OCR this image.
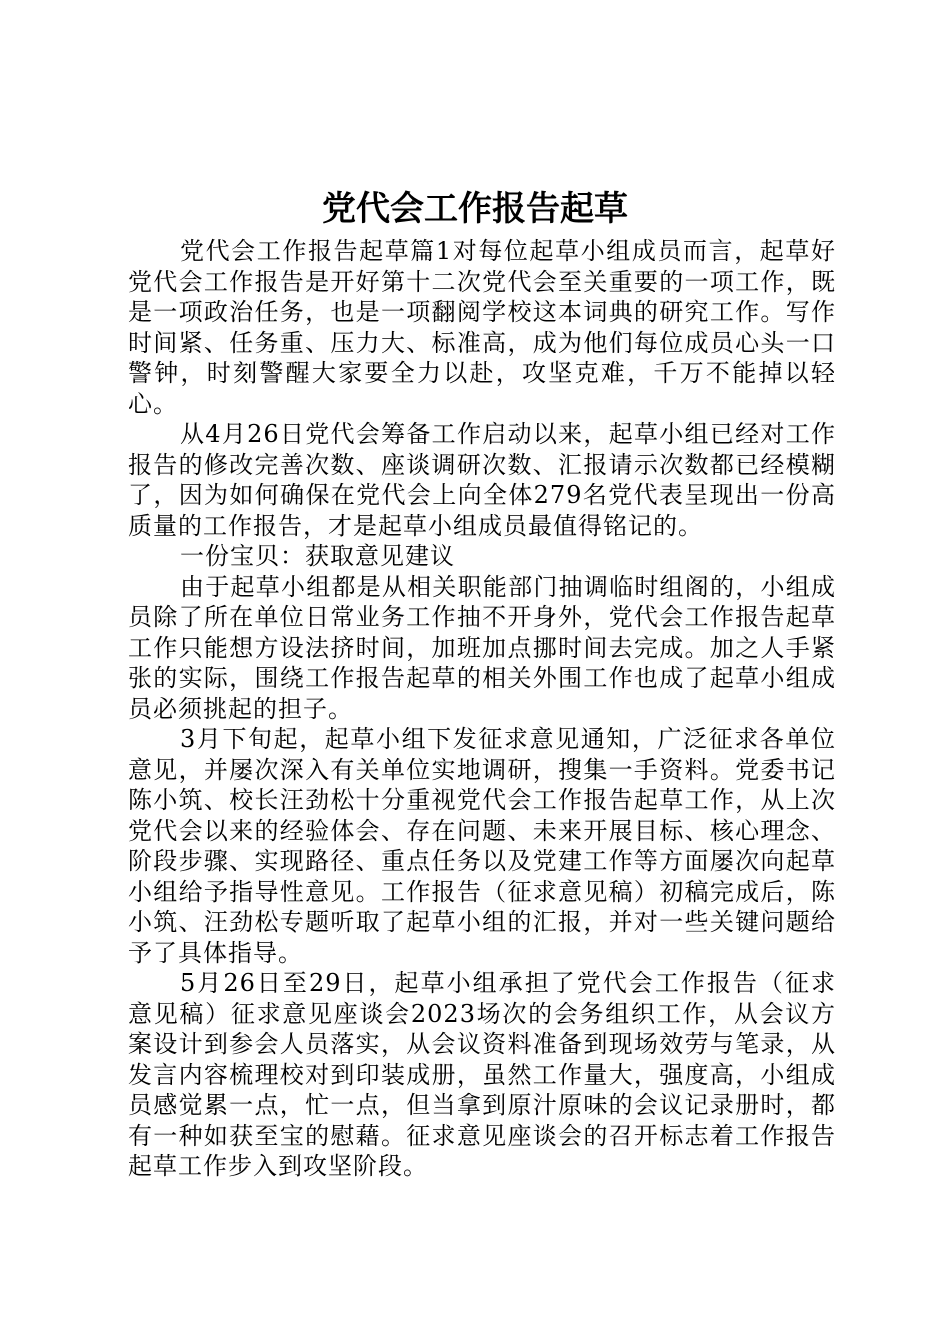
党代会工作报告起草

党代会工作报告起草篇1对每位起草小组成员而言，起草好党代会工作报告是开好第十二次党代会至关重要的一项工作，既是一项政治任务，也是一项翻阅学校这本词典的研究工作。写作时间紧、任务重、压力大、标准高，成为他们每位成员心头一口警钟，时刻警醒大家要全力以赴，攻坚克难，千万不能掉以轻心。

从4月26日党代会筹备工作启动以来，起草小组已经对工作报告的修改完善次数、座谈调研次数、汇报请示次数都已经模糊了，因为如何确保在党代会上向全体279名党代表呈现出一份高质量的工作报告，才是起草小组成员最值得铭记的。

一份宝贝：获取意见建议

由于起草小组都是从相关职能部门抽调临时组阁的，小组成员除了所在单位日常业务工作抽不开身外，党代会工作报告起草工作只能想方设法挤时间，加班加点挪时间去完成。加之人手紧张的实际，围绕工作报告起草的相关外围工作也成了起草小组成员必须挑起的担子。

3月下旬起，起草小组下发征求意见通知，广泛征求各单位意见，并屡次深入有关单位实地调研，搜集一手资料。党委书记陈小筑、校长汪劲松十分重视党代会工作报告起草工作，从上次党代会以来的经验体会、存在问题、未来开展目标、核心理念、阶段步骤、实现路径、重点任务以及党建工作等方面屡次向起草小组给予指导性意见。工作报告（征求意见稿）初稿完成后，陈小筑、汪劲松专题听取了起草小组的汇报，并对一些关键问题给予了具体指导。

5月26日至29日，起草小组承担了党代会工作报告（征求意见稿）征求意见座谈会2023场次的会务组织工作，从会议方案设计到参会人员落实，从会议资料准备到现场效劳与笔录，从发言内容梳理校对到印装成册，虽然工作量大，强度高，小组成员感觉累一点，忙一点，但当拿到原汁原味的会议记录册时，都有一种如获至宝的慰藉。征求意见座谈会的召开标志着工作报告起草工作步入到攻坚阶段。
